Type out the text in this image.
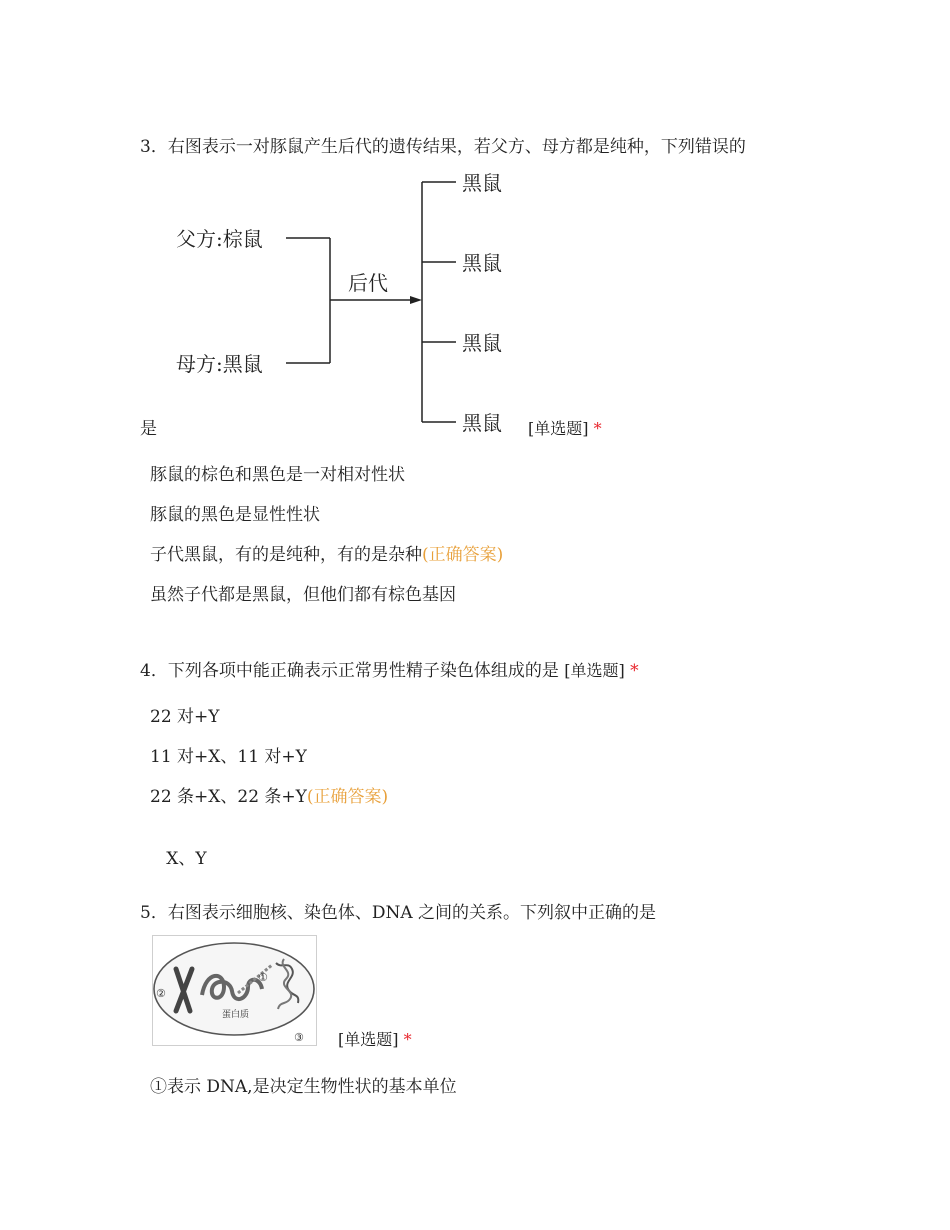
3．右图表示一对豚鼠产生后代的遗传结果，若父方、母方都是纯种，下列错误的
父方:棕鼠
母方:黑鼠
后代
黑鼠
黑鼠
黑鼠
黑鼠
是	[单选题] *
豚鼠的棕色和黑色是一对相对性状
豚鼠的黑色是显性性状
子代黑鼠，有的是纯种，有的是杂种(正确答案)
虽然子代都是黑鼠，但他们都有棕色基因
4．下列各项中能正确表示正常男性精子染色体组成的是 [单选题] *
22 对+Y
11 对+X、11 对+Y
22 条+X、22 条+Y(正确答案)

X、Y

5．右图表示细胞核、染色体、DNA 之间的关系。下列叙中正确的是
①
②
③
蛋白质
[单选题] *
①表示 DNA,是决定生物性状的基本单位
